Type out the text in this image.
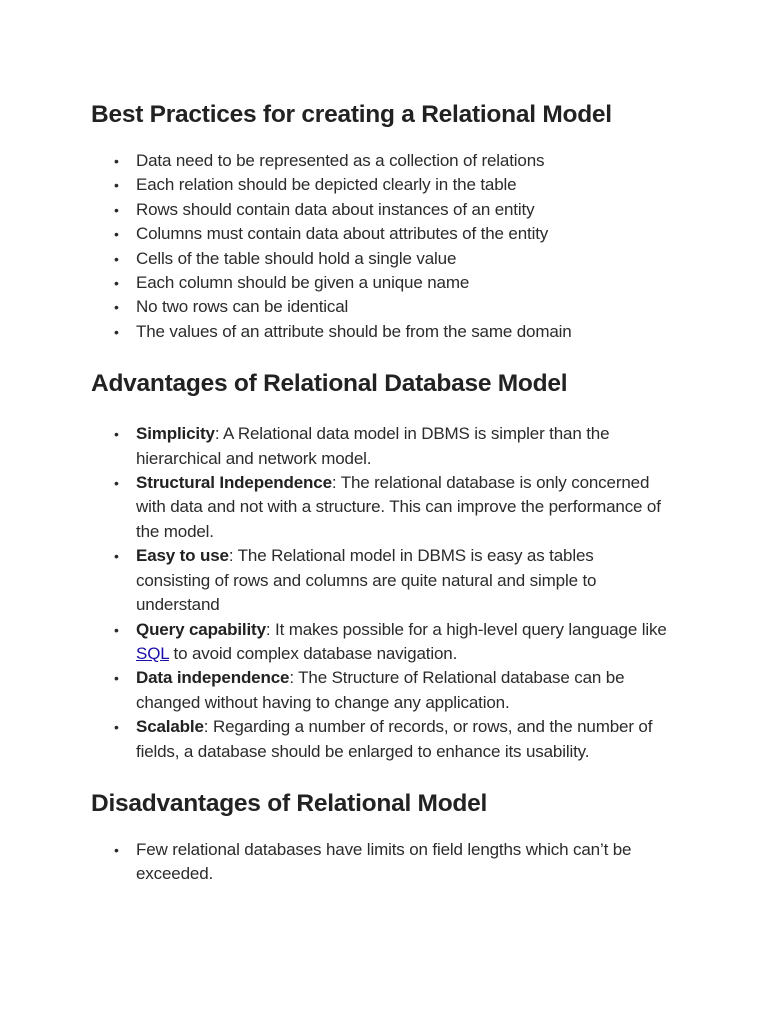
Best Practices for creating a Relational Model
• Data need to be represented as a collection of relations
• Each relation should be depicted clearly in the table
• Rows should contain data about instances of an entity
• Columns must contain data about attributes of the entity
• Cells of the table should hold a single value
• Each column should be given a unique name
• No two rows can be identical
• The values of an attribute should be from the same domain
Advantages of Relational Database Model
• Simplicity: A Relational data model in DBMS is simpler than the hierarchical and network model.
• Structural Independence: The relational database is only concerned with data and not with a structure. This can improve the performance of the model.
• Easy to use: The Relational model in DBMS is easy as tables consisting of rows and columns are quite natural and simple to understand
• Query capability: It makes possible for a high-level query language like SQL to avoid complex database navigation.
• Data independence: The Structure of Relational database can be changed without having to change any application.
• Scalable: Regarding a number of records, or rows, and the number of fields, a database should be enlarged to enhance its usability.
Disadvantages of Relational Model
• Few relational databases have limits on field lengths which can’t be exceeded.
